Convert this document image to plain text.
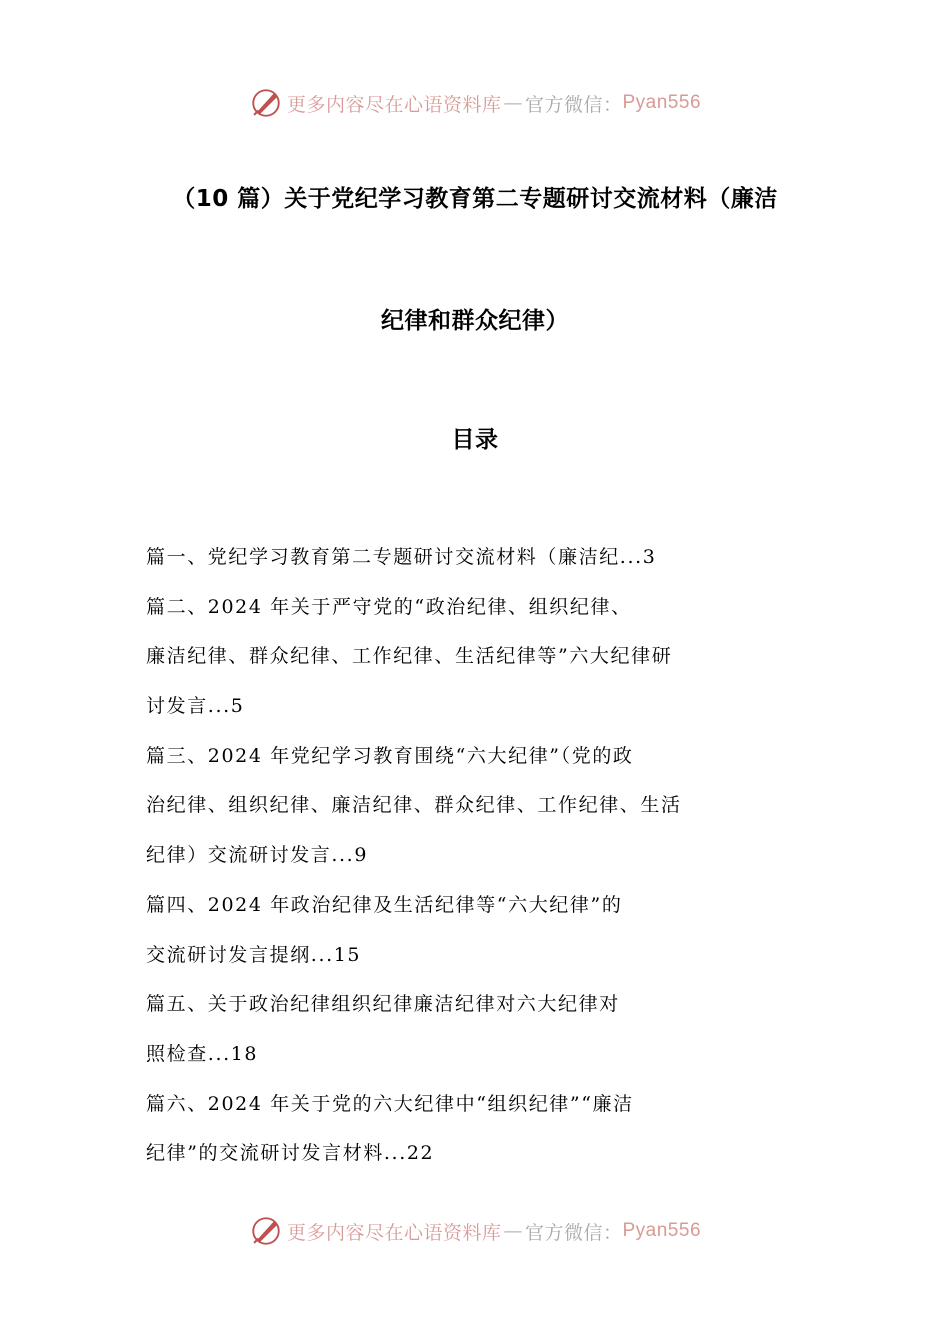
更多内容尽在心语资料库 — 官方微信： Pyan556
（10 篇）关于党纪学习教育第二专题研讨交流材料（廉洁
纪律和群众纪律）
目录
篇一、党纪学习教育第二专题研讨交流材料（廉洁纪...3
篇二、2024 年关于严守党的“政治纪律、组织纪律、
廉洁纪律、群众纪律、工作纪律、生活纪律等”六大纪律研
讨发言...5
篇三、2024 年党纪学习教育围绕“六大纪律”（党的政
治纪律、组织纪律、廉洁纪律、群众纪律、工作纪律、生活
纪律）交流研讨发言...9
篇四、2024 年政治纪律及生活纪律等“六大纪律”的
交流研讨发言提纲...15
篇五、关于政治纪律组织纪律廉洁纪律对六大纪律对
照检查...18
篇六、2024 年关于党的六大纪律中“组织纪律”“廉洁
纪律”的交流研讨发言材料...22
更多内容尽在心语资料库 — 官方微信： Pyan556
